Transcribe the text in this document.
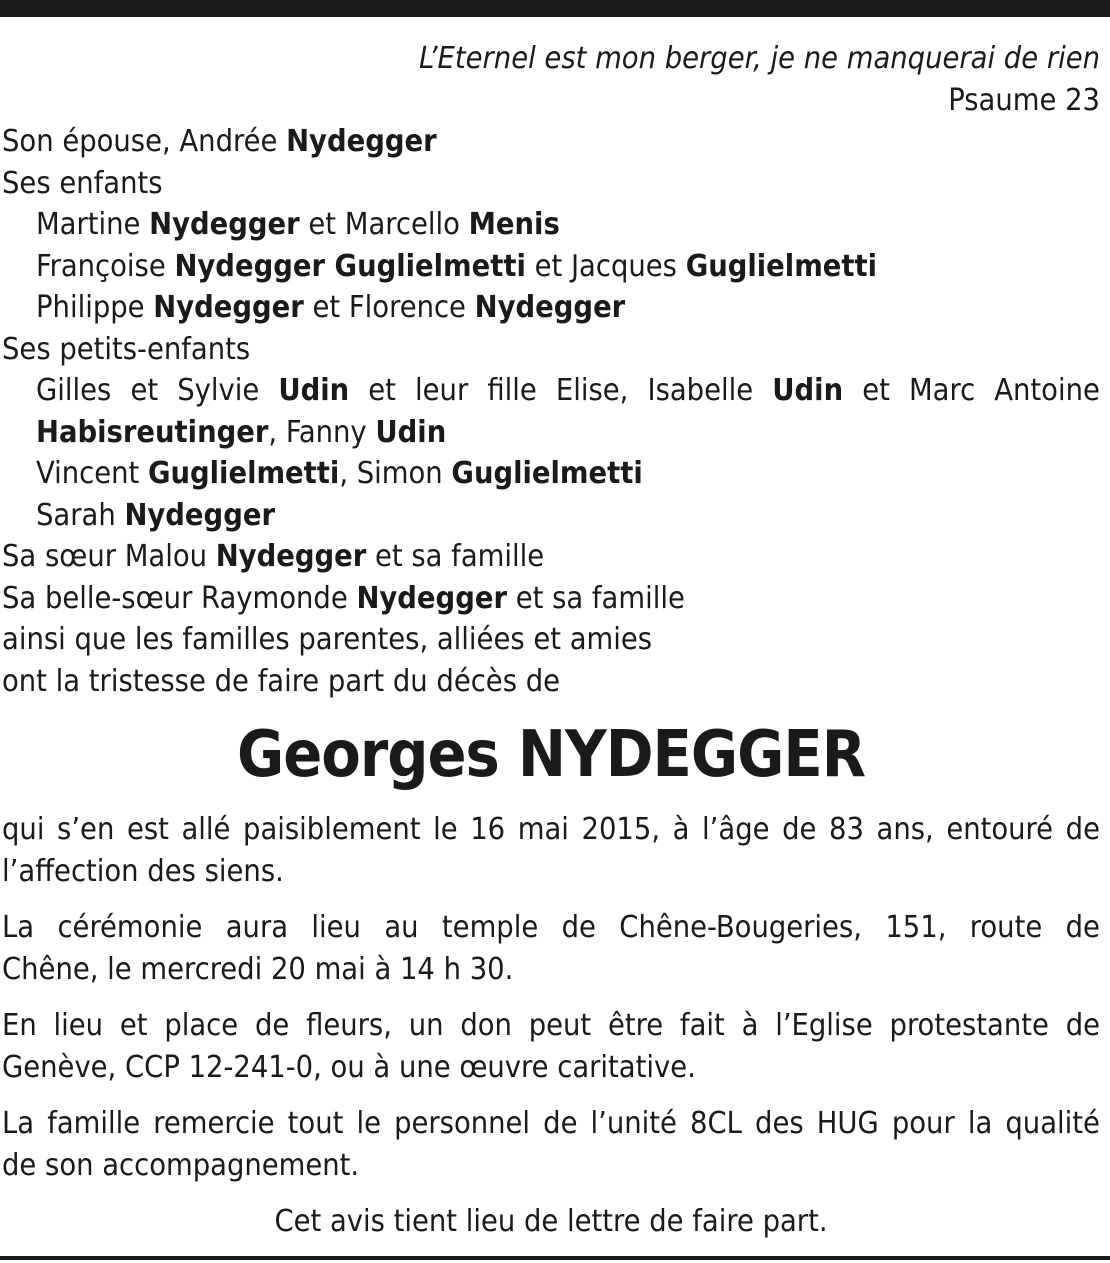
L’Eternel est mon berger, je ne manquerai de rien
Psaume 23
Son épouse, Andrée Nydegger
Ses enfants
Martine Nydegger et Marcello Menis
Françoise Nydegger Guglielmetti et Jacques Guglielmetti
Philippe Nydegger et Florence Nydegger
Ses petits-enfants
Gilles et Sylvie Udin et leur fille Elise, Isabelle Udin et Marc Antoine
Habisreutinger, Fanny Udin
Vincent Guglielmetti, Simon Guglielmetti
Sarah Nydegger
Sa sœur Malou Nydegger et sa famille
Sa belle-sœur Raymonde Nydegger et sa famille
ainsi que les familles parentes, alliées et amies
ont la tristesse de faire part du décès de
Georges NYDEGGER
qui s’en est allé paisiblement le 16 mai 2015, à l’âge de 83 ans, entouré de
l’affection des siens.
La cérémonie aura lieu au temple de Chêne-Bougeries, 151, route de
Chêne, le mercredi 20 mai à 14 h 30.
En lieu et place de fleurs, un don peut être fait à l’Eglise protestante de
Genève, CCP 12-241-0, ou à une œuvre caritative.
La famille remercie tout le personnel de l’unité 8CL des HUG pour la qualité
de son accompagnement.
Cet avis tient lieu de lettre de faire part.
